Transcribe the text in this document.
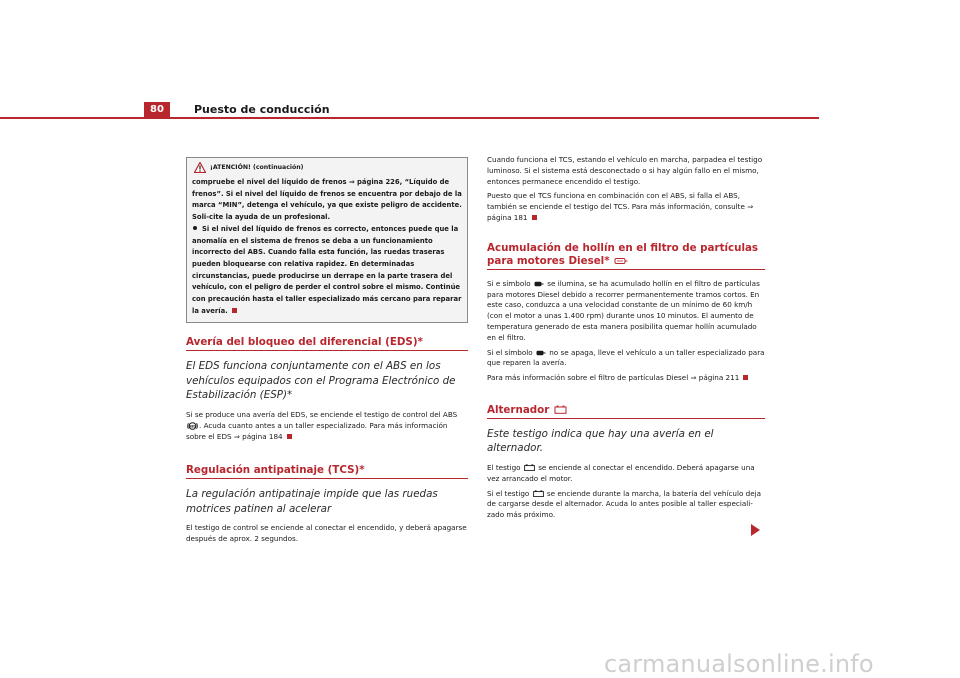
80	Puesto de conducción
¡ATENCIÓN! (continuación)

compruebe el nivel del líquido de frenos ⇒ página 226, “Líquido de frenos”. Si el nivel del líquido de frenos se encuentra por debajo de la marca “MIN”, detenga el vehículo, ya que existe peligro de accidente. Soli-cite la ayuda de un profesional.

Si el nivel del líquido de frenos es correcto, entonces puede que la anomalía en el sistema de frenos se deba a un funcionamiento incorrecto del ABS. Cuando falla esta función, las ruedas traseras pueden bloquearse con relativa rapidez. En determinadas circunstancias, puede producirse un derrape en la parte trasera del vehículo, con el peligro de perder el control sobre el mismo. Continúe con precaución hasta el taller especializado más cercano para reparar la avería.

Avería del bloqueo del diferencial (EDS)*
El EDS funciona conjuntamente con el ABS en los vehículos equipados con el Programa Electrónico de Estabilización (ESP)*

Si se produce una avería del EDS, se enciende el testigo de control del ABS
ABS . Acuda cuanto antes a un taller especializado. Para más información sobre el EDS ⇒ página 184

Regulación antipatinaje (TCS)*
La regulación antipatinaje impide que las ruedas motrices patinen al acelerar

El testigo de control se enciende al conectar el encendido, y deberá apagarse después de aprox. 2 segundos.

Cuando funciona el TCS, estando el vehículo en marcha, parpadea el testigo luminoso. Si el sistema está desconectado o si hay algún fallo en el mismo, entonces permanece encendido el testigo.

Puesto que el TCS funciona en combinación con el ABS, si falla el ABS, también se enciende el testigo del TCS. Para más información, consulte ⇒ página 181

Acumulación de hollín en el filtro de partículas para motores Diesel*

Si e símbolo se ilumina, se ha acumulado hollín en el filtro de partículas para motores Diesel debido a recorrer permanentemente tramos cortos. En este caso, conduzca a una velocidad constante de un mínimo de 60 km/h (con el motor a unas 1.400 rpm) durante unos 10 minutos. El aumento de temperatura generado de esta manera posibilita quemar hollín acumulado en el filtro.

Si el símbolo no se apaga, lleve el vehículo a un taller especializado para que reparen la avería.

Para más información sobre el filtro de partículas Diesel ⇒ página 211

Alternador
Este testigo indica que hay una avería en el alternador.

El testigo se enciende al conectar el encendido. Deberá apagarse una vez arrancado el motor.

Si el testigo se enciende durante la marcha, la batería del vehículo deja de cargarse desde el alternador. Acuda lo antes posible al taller especiali-zado más próximo.

carmanualsonline.info
